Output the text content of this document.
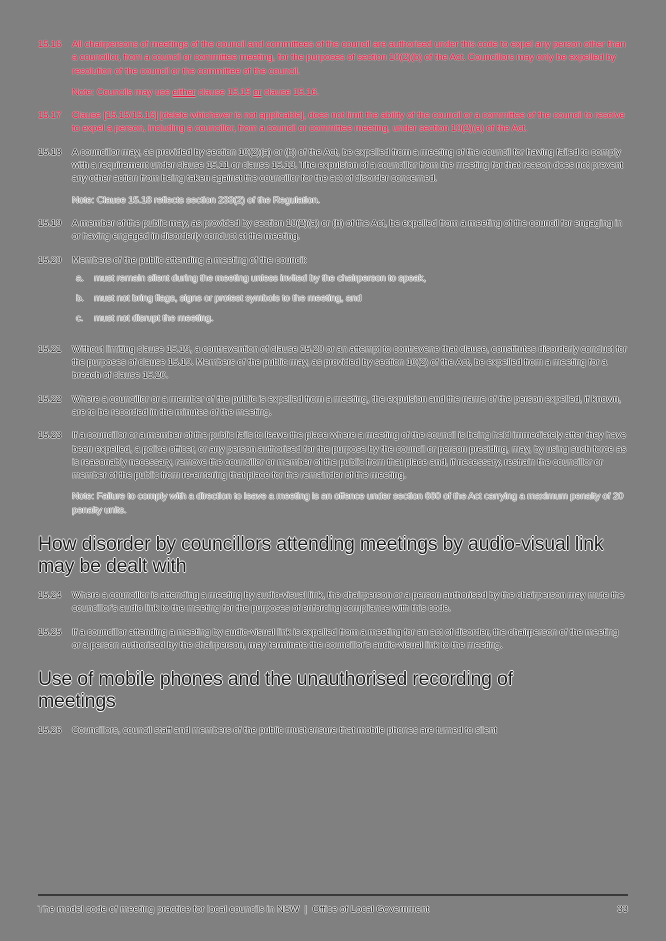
15.16	All chairpersons of meetings of the council and committees of the council are authorised under this code to expel any person other than a councillor, from a council or committee meeting, for the purposes of section 10(2)(b) of the Act. Councillors may only be expelled by resolution of the council or the committee of the council.
Note: Councils may use either clause 15.15 or clause 15.16.
15.17	Clause [15.15/15.16] [delete whichever is not applicable], does not limit the ability of the council or a committee of the council to resolve to expel a person, including a councillor, from a council or committee meeting, under section 10(2)(a) of the Act.
15.18	A councillor may, as provided by section 10(2)(a) or (b) of the Act, be expelled from a meeting of the council for having failed to comply with a requirement under clause 15.11 or clause 15.13. The expulsion of a councillor from the meeting for that reason does not prevent any other action from being taken against the councillor for the act of disorder concerned.
Note: Clause 15.18 reflects section 233(2) of the Regulation.
15.19	A member of the public may, as provided by section 10(2)(a) or (b) of the Act, be expelled from a meeting of the council for engaging in or having engaged in disorderly conduct at the meeting.
15.20	Members of the public attending a meeting of the council:
a.	must remain silent during the meeting unless invited by the chairperson to speak,
b.	must not bring flags, signs or protest symbols to the meeting, and
c.	must not disrupt the meeting.
15.21	Without limiting clause 15.19, a contravention of clause 15.20 or an attempt to contravene that clause, constitutes disorderly conduct for the purposes of clause 15.19. Members of the public may, as provided by section 10(2) of the Act, be expelled from a meeting for a breach of clause 15.20.
15.22	Where a councillor or a member of the public is expelled from a meeting, the expulsion and the name of the person expelled, if known, are to be recorded in the minutes of the meeting.
15.23	If a councillor or a member of the public fails to leave the place where a meeting of the council is being held immediately after they have been expelled, a police officer, or any person authorised for the purpose by the council or person presiding, may, by using such force as is reasonably necessary, remove the councillor or member of the public from that place and, if necessary, restrain the councillor or member of the public from re-entering that place for the remainder of the meeting.
Note: Failure to comply with a direction to leave a meeting is an offence under section 660 of the Act carrying a maximum penalty of 20 penalty units.
How disorder by councillors attending meetings by audio-visual link may be dealt with
15.24	Where a councillor is attending a meeting by audio-visual link, the chairperson or a person authorised by the chairperson may mute the councillor's audio link to the meeting for the purposes of enforcing compliance with this code.
15.25	If a councillor attending a meeting by audio-visual link is expelled from a meeting for an act of disorder, the chairperson of the meeting or a person authorised by the chairperson, may terminate the councillor's audio-visual link to the meeting.
Use of mobile phones and the unauthorised recording of meetings
15.26	Councillors, council staff and members of the public must ensure that mobile phones are turned to silent
The model code of meeting practice for local councils in NSW  |  Office of Local Government	33
